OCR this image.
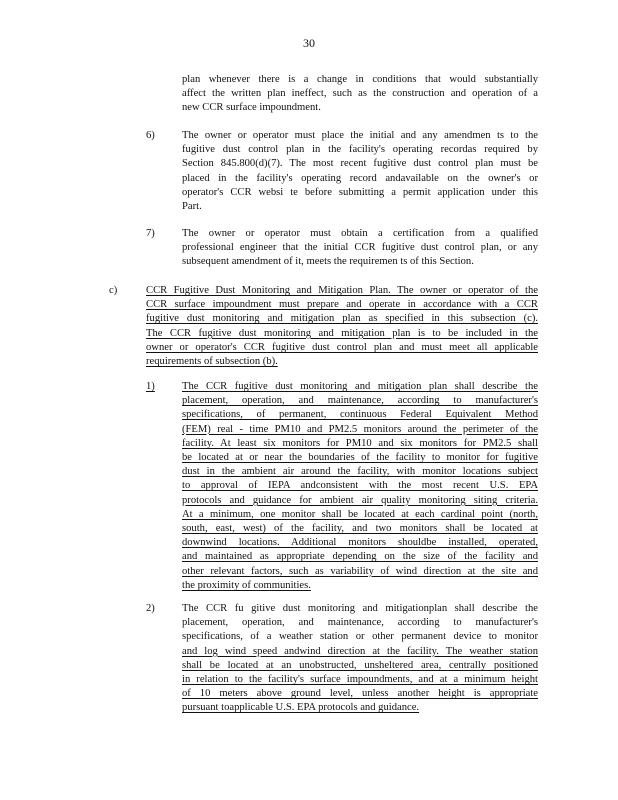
30
plan whenever there is a change in conditions that would substantially
affect the written plan ineffect, such as the construction and operation of a
new CCR surface impoundment.
6)	The owner or operator must place the initial and any amendmen ts to the
fugitive dust control plan in the facility's operating recordas required by
Section 845.800(d)(7). The most recent fugitive dust control plan must be
placed in the facility's operating record andavailable on the owner's or
operator's CCR websi te before submitting a permit application under this
Part.
7)	The owner or operator must obtain a certification from a qualified
professional engineer that the initial CCR fugitive dust control plan, or any
subsequent amendment of it, meets the requiremen ts of this Section.
c)	CCR Fugitive Dust Monitoring and Mitigation Plan. The owner or operator of the
CCR surface impoundment must prepare and operate in accordance with a CCR
fugitive dust monitoring and mitigation plan as specified in this subsection (c).
The CCR fugitive dust monitoring and mitigation plan is to be included in the
owner or operator's CCR fugitive dust control plan and must meet all applicable
requirements of subsection (b).
1)	The CCR fugitive dust monitoring and mitigation plan shall describe the
placement, operation, and maintenance, according to manufacturer's
specifications, of permanent, continuous Federal Equivalent Method
(FEM) real - time PM10 and PM2.5 monitors around the perimeter of the
facility. At least six monitors for PM10 and six monitors for PM2.5 shall
be located at or near the boundaries of the facility to monitor for fugitive
dust in the ambient air around the facility, with monitor locations subject
to approval of IEPA andconsistent with the most recent U.S. EPA
protocols and guidance for ambient air quality monitoring siting criteria.
At a minimum, one monitor shall be located at each cardinal point (north,
south, east, west) of the facility, and two monitors shall be located at
downwind locations. Additional monitors shouldbe installed, operated,
and maintained as appropriate depending on the size of the facility and
other relevant factors, such as variability of wind direction at the site and
the proximity of communities.
2)	The CCR fu gitive dust monitoring and mitigationplan shall describe the
placement, operation, and maintenance, according to manufacturer's
specifications, of a weather station or other permanent device to monitor
and log wind speed andwind direction at the facility. The weather station
shall be located at an unobstructed, unsheltered area, centrally positioned
in relation to the facility's surface impoundments, and at a minimum height
of 10 meters above ground level, unless another height is appropriate
pursuant toapplicable U.S. EPA protocols and guidance.
